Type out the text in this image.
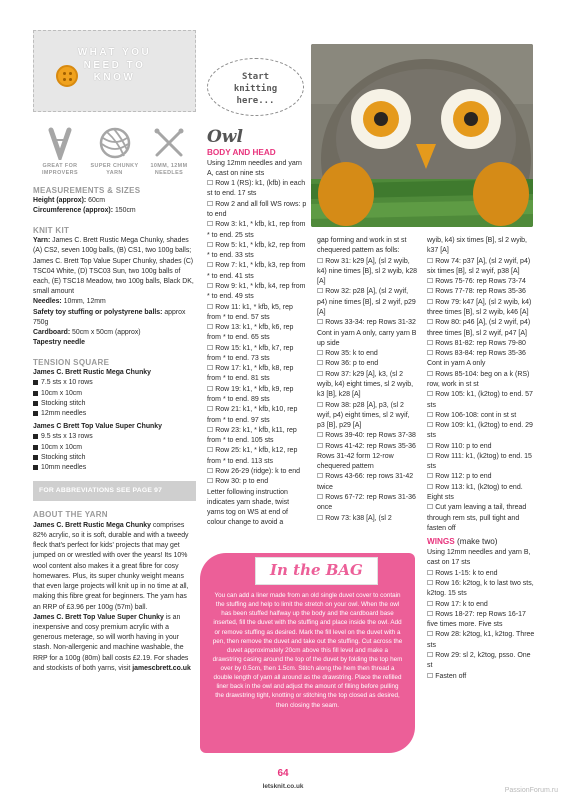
WHAT YOU
NEED TO
KNOW
GREAT FOR IMPROVERS
SUPER CHUNKY YARN
10MM, 12MM NEEDLES
MEASUREMENTS & SIZES
Height (approx): 60cm
Circumference (approx): 150cm
KNIT KIT
Yarn: James C. Brett Rustic Mega Chunky, shades (A) CS2, seven 100g balls, (B) CS1, two 100g balls; James C. Brett Top Value Super Chunky, shades (C) TSC04 White, (D) TSC03 Sun, two 100g balls of each, (E) TSC18 Meadow, two 100g balls, Black DK, small amount
Needles: 10mm, 12mm
Safety toy stuffing or polystyrene balls: approx 750g
Cardboard: 50cm x 50cm (approx)
Tapestry needle
TENSION SQUARE
James C. Brett Rustic Mega Chunky
7.5 sts x 10 rows
10cm x 10cm
Stocking stitch
12mm needles
James C Brett Top Value Super Chunky
9.5 sts x 13 rows
10cm x 10cm
Stocking stitch
10mm needles
FOR ABBREVIATIONS SEE PAGE 97
ABOUT THE YARN
James C. Brett Rustic Mega Chunky comprises 82% acrylic, so it is soft, durable and with a tweedy fleck that's perfect for kids' projects that may get jumped on or wrestled with over the years! Its 10% wool content also makes it a great fibre for cosy homewares. Plus, its super chunky weight means that even large projects will knit up in no time at all, making this fibre great for beginners. The yarn has an RRP of £3.96 per 100g (57m) ball.
James C. Brett Top Value Super Chunky is an inexpensive and cosy premium acrylic with a generous meterage, so will worth having in your stash. Non-allergenic and machine washable, the RRP for a 100g (80m) ball costs £2.19. For shades and stockists of both yarns, visit jamescbrett.co.uk
Start
knitting
here...
Owl
BODY AND HEAD
Using 12mm needles and yarn A, cast on nine sts
☐ Row 1 (RS): k1, (kfb) in each st to end. 17 sts
☐ Row 2 and all foll WS rows: p to end
☐ Row 3: k1, * kfb, k1, rep from * to end. 25 sts
☐ Row 5: k1, * kfb, k2, rep from * to end. 33 sts
☐ Row 7: k1, * kfb, k3, rep from * to end. 41 sts
☐ Row 9: k1, * kfb, k4, rep from * to end. 49 sts
☐ Row 11: k1, * kfb, k5, rep from * to end. 57 sts
☐ Row 13: k1, * kfb, k6, rep from * to end. 65 sts
☐ Row 15: k1, * kfb, k7, rep from * to end. 73 sts
☐ Row 17: k1, * kfb, k8, rep from * to end. 81 sts
☐ Row 19: k1, * kfb, k9, rep from * to end. 89 sts
☐ Row 21: k1, * kfb, k10, rep from * to end. 97 sts
☐ Row 23: k1, * kfb, k11, rep from * to end. 105 sts
☐ Row 25: k1, * kfb, k12, rep from * to end. 113 sts
☐ Row 26-29 (ridge): k to end
☐ Row 30: p to end
Letter following instruction indicates yarn shade, twist yarns tog on WS at end of colour change to avoid a
gap forming and work in st st chequered pattern as folls:
☐ Row 31: k29 [A], (sl 2 wyib, k4) nine times [B], sl 2 wyib, k28 [A]
☐ Row 32: p28 [A], (sl 2 wyif, p4) nine times [B], sl 2 wyif, p29 [A]
☐ Rows 33-34: rep Rows 31-32
Cont in yarn A only, carry yarn B up side
☐ Row 35: k to end
☐ Row 36: p to end
☐ Row 37: k29 [A], k3, (sl 2 wyib, k4) eight times, sl 2 wyib, k3 [B], k28 [A]
☐ Row 38: p28 [A], p3, (sl 2 wyif, p4) eight times, sl 2 wyif, p3 [B], p29 [A]
☐ Rows 39-40: rep Rows 37-38
☐ Rows 41-42: rep Rows 35-36
Rows 31-42 form 12-row chequered pattern
☐ Rows 43-66: rep rows 31-42 twice
☐ Rows 67-72: rep Rows 31-36 once
☐ Row 73: k38 [A], (sl 2
wyib, k4) six times [B], sl 2 wyib, k37 [A]
☐ Row 74: p37 [A], (sl 2 wyif, p4) six times [B], sl 2 wyif, p38 [A]
☐ Rows 75-76: rep Rows 73-74
☐ Rows 77-78: rep Rows 35-36
☐ Row 79: k47 [A], (sl 2 wyib, k4) three times [B], sl 2 wyib, k46 [A]
☐ Row 80: p46 [A], (sl 2 wyif, p4) three times [B], sl 2 wyif, p47 [A]
☐ Rows 81-82: rep Rows 79-80
☐ Rows 83-84: rep Rows 35-36
Cont in yarn A only
☐ Rows 85-104: beg on a k (RS) row, work in st st
☐ Row 105: k1, (k2tog) to end. 57 sts
☐ Row 106-108: cont in st st
☐ Row 109: k1, (k2tog) to end. 29 sts
☐ Row 110: p to end
☐ Row 111: k1, (k2tog) to end. 15 sts
☐ Row 112: p to end
☐ Row 113: k1, (k2tog) to end. Eight sts
☐ Cut yarn leaving a tail, thread through rem sts, pull tight and fasten off
WINGS (make two)
Using 12mm needles and yarn B, cast on 17 sts
☐ Rows 1-15: k to end
☐ Row 16: k2tog, k to last two sts, k2tog. 15 sts
☐ Row 17: k to end
☐ Rows 18-27: rep Rows 16-17 five times more. Five sts
☐ Row 28: k2tog, k1, k2tog. Three sts
☐ Row 29: sl 2, k2tog, psso. One st
☐ Fasten off
You can add a liner made from an old single duvet cover to contain the stuffing and help to limit the stretch on your owl. When the owl has been stuffed halfway up the body and the cardboard base inserted, fill the duvet with the stuffing and place inside the owl. Add or remove stuffing as desired. Mark the fill level on the duvet with a pen, then remove the duvet and take out the stuffing. Cut across the duvet approximately 20cm above this fill level and make a drawstring casing around the top of the duvet by folding the top hem over by 0.5cm, then 1.5cm. Stitch along the hem then thread a double length of yarn all around as the drawstring. Place the refilled liner back in the owl and adjust the amount of filling before pulling the drawstring tight, knotting or stitching the top closed as desired, then closing the seam.
In the BAG
64
letsknit.co.uk
PassionForum.ru
